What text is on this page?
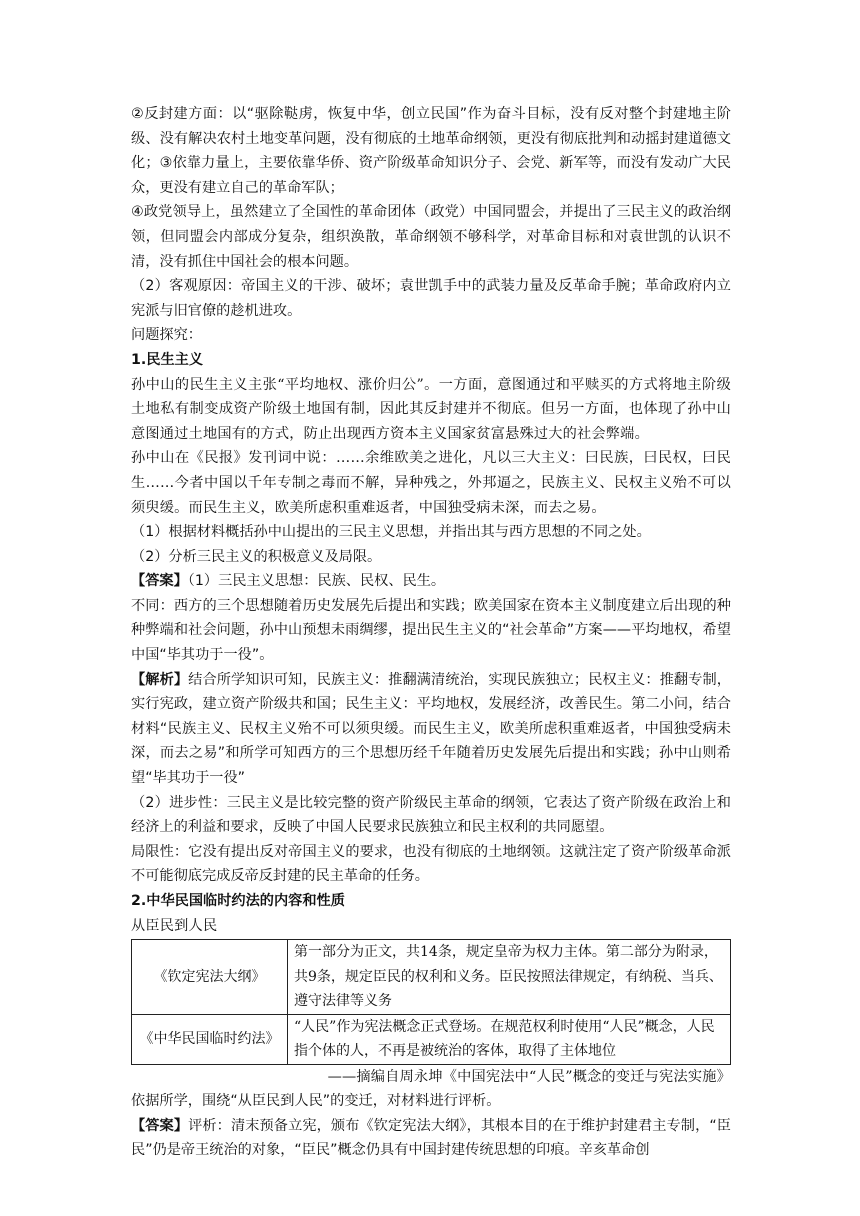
②反封建方面：以“驱除鞑虏，恢复中华，创立民国”作为奋斗目标，没有反对整个封建地主阶级、没有解决农村土地变革问题，没有彻底的土地革命纲领，更没有彻底批判和动摇封建道德文化；③依靠力量上，主要依靠华侨、资产阶级革命知识分子、会党、新军等，而没有发动广大民众，更没有建立自己的革命军队；

④政党领导上，虽然建立了全国性的革命团体（政党）中国同盟会，并提出了三民主义的政治纲领，但同盟会内部成分复杂，组织涣散，革命纲领不够科学，对革命目标和对袁世凯的认识不清，没有抓住中国社会的根本问题。

（2）客观原因：帝国主义的干涉、破坏；袁世凯手中的武装力量及反革命手腕；革命政府内立宪派与旧官僚的趁机进攻。

问题探究：

1.民生主义

孙中山的民生主义主张“平均地权、涨价归公”。一方面，意图通过和平赎买的方式将地主阶级土地私有制变成资产阶级土地国有制，因此其反封建并不彻底。但另一方面，也体现了孙中山意图通过土地国有的方式，防止出现西方资本主义国家贫富悬殊过大的社会弊端。

孙中山在《民报》发刊词中说：……余维欧美之进化，凡以三大主义：曰民族，曰民权，曰民生……今者中国以千年专制之毒而不解，异种残之，外邦逼之，民族主义、民权主义殆不可以须臾缓。而民生主义，欧美所虑积重难返者，中国独受病未深，而去之易。

（1）根据材料概括孙中山提出的三民主义思想，并指出其与西方思想的不同之处。

（2）分析三民主义的积极意义及局限。

【答案】（1）三民主义思想：民族、民权、民生。

不同：西方的三个思想随着历史发展先后提出和实践；欧美国家在资本主义制度建立后出现的种种弊端和社会问题，孙中山预想未雨绸缪，提出民生主义的“社会革命”方案——平均地权，希望中国“毕其功于一役”。

【解析】结合所学知识可知，民族主义：推翻满清统治，实现民族独立；民权主义：推翻专制，实行宪政，建立资产阶级共和国；民生主义：平均地权，发展经济，改善民生。第二小问，结合材料“民族主义、民权主义殆不可以须臾缓。而民生主义，欧美所虑积重难返者，中国独受病未深，而去之易”和所学可知西方的三个思想历经千年随着历史发展先后提出和实践；孙中山则希望“毕其功于一役”

（2）进步性：三民主义是比较完整的资产阶级民主革命的纲领，它表达了资产阶级在政治上和经济上的利益和要求，反映了中国人民要求民族独立和民主权利的共同愿望。

局限性：它没有提出反对帝国主义的要求，也没有彻底的土地纲领。这就注定了资产阶级革命派不可能彻底完成反帝反封建的民主革命的任务。

2.中华民国临时约法的内容和性质

从臣民到人民

《钦定宪法大纲》	第一部分为正文，共14条，规定皇帝为权力主体。第二部分为附录，共9条，规定臣民的权利和义务。臣民按照法律规定，有纳税、当兵、遵守法律等义务
《中华民国临时约法》	“人民”作为宪法概念正式登场。在规范权利时使用“人民”概念，人民指个体的人，不再是被统治的客体，取得了主体地位

——摘编自周永坤《中国宪法中“人民”概念的变迁与宪法实施》

依据所学，围绕“从臣民到人民”的变迁，对材料进行评析。

【答案】评析：清末预备立宪，颁布《钦定宪法大纲》，其根本目的在于维护封建君主专制，“臣民”仍是帝王统治的对象，“臣民”概念仍具有中国封建传统思想的印痕。辛亥革命创
